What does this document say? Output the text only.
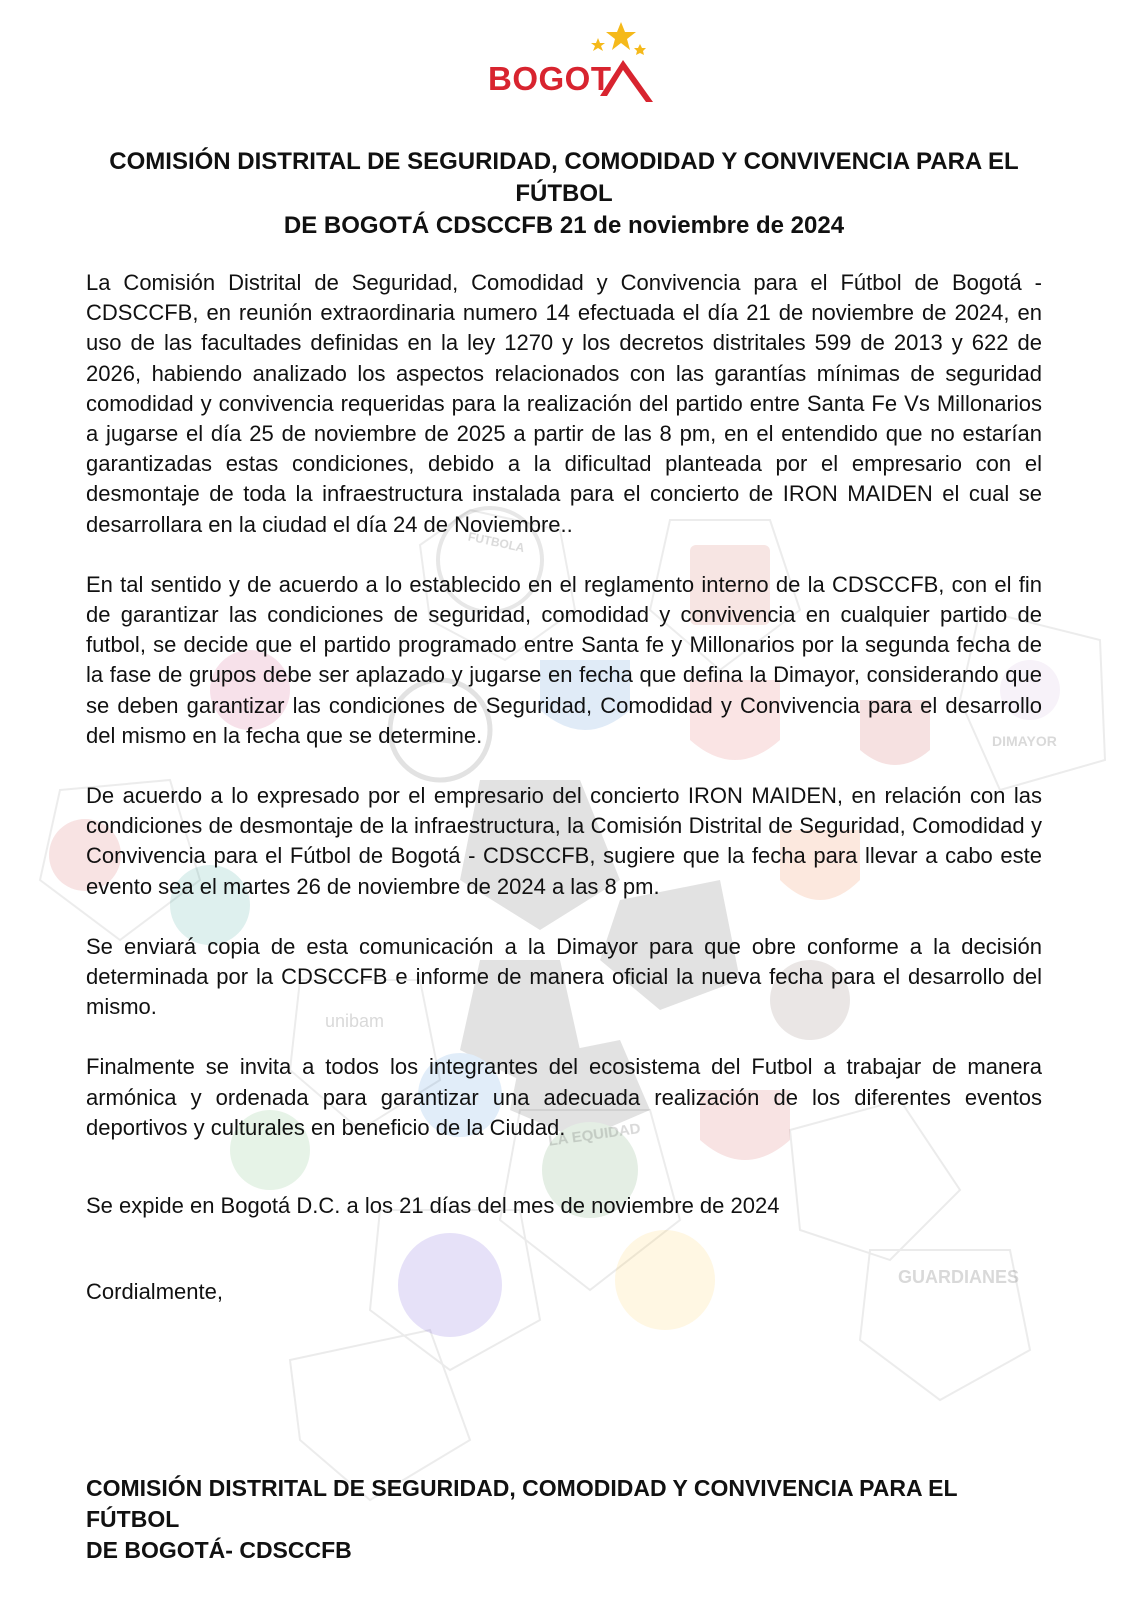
FUTBOLA
DIMAYOR
unibam
LA EQUIDAD
GUARDIANES
BOGOT
COMISIÓN DISTRITAL DE SEGURIDAD, COMODIDAD Y CONVIVENCIA PARA EL FÚTBOL
DE BOGOTÁ CDSCCFB 21 de noviembre de 2024

La Comisión Distrital de Seguridad, Comodidad y Convivencia para el Fútbol de Bogotá - CDSCCFB, en reunión extraordinaria numero 14 efectuada el día 21 de noviembre de 2024, en uso de las facultades definidas en la ley 1270 y los decretos distritales 599 de 2013 y 622 de 2026, habiendo analizado los aspectos relacionados con las garantías mínimas de seguridad comodidad y convivencia requeridas para la realización del partido entre Santa Fe Vs Millonarios a jugarse el día 25 de noviembre de 2025 a partir de las 8 pm, en el entendido que no estarían garantizadas estas condiciones, debido a la dificultad planteada por el empresario con el desmontaje de toda la infraestructura instalada para el concierto de IRON MAIDEN el cual se desarrollara en la ciudad el día 24 de Noviembre..

En tal sentido y de acuerdo a lo establecido en el reglamento interno de la CDSCCFB, con el fin de garantizar las condiciones de seguridad, comodidad y convivencia en cualquier partido de futbol, se decide que el partido programado entre Santa fe y Millonarios por la segunda fecha de la fase de grupos debe ser aplazado y jugarse en fecha que defina la Dimayor, considerando que se deben garantizar las condiciones de Seguridad, Comodidad y Convivencia para el desarrollo del mismo en la fecha que se determine.

De acuerdo a lo expresado por el empresario del concierto IRON MAIDEN, en relación con las condiciones de desmontaje de la infraestructura, la Comisión Distrital de Seguridad, Comodidad y Convivencia para el Fútbol de Bogotá - CDSCCFB, sugiere que la fecha para llevar a cabo este evento sea el martes 26 de noviembre de 2024 a las 8 pm.

Se enviará copia de esta comunicación a la Dimayor para que obre conforme a la decisión determinada por la CDSCCFB e informe de manera oficial la nueva fecha para el desarrollo del mismo.

Finalmente se invita a todos los integrantes del ecosistema del Futbol a trabajar de manera armónica y ordenada para garantizar una adecuada realización de los diferentes eventos deportivos y culturales en beneficio de la Ciudad.

Se expide en Bogotá D.C. a los 21 días del mes de noviembre de 2024

Cordialmente,

COMISIÓN DISTRITAL DE SEGURIDAD, COMODIDAD Y CONVIVENCIA PARA EL FÚTBOL
DE BOGOTÁ- CDSCCFB
